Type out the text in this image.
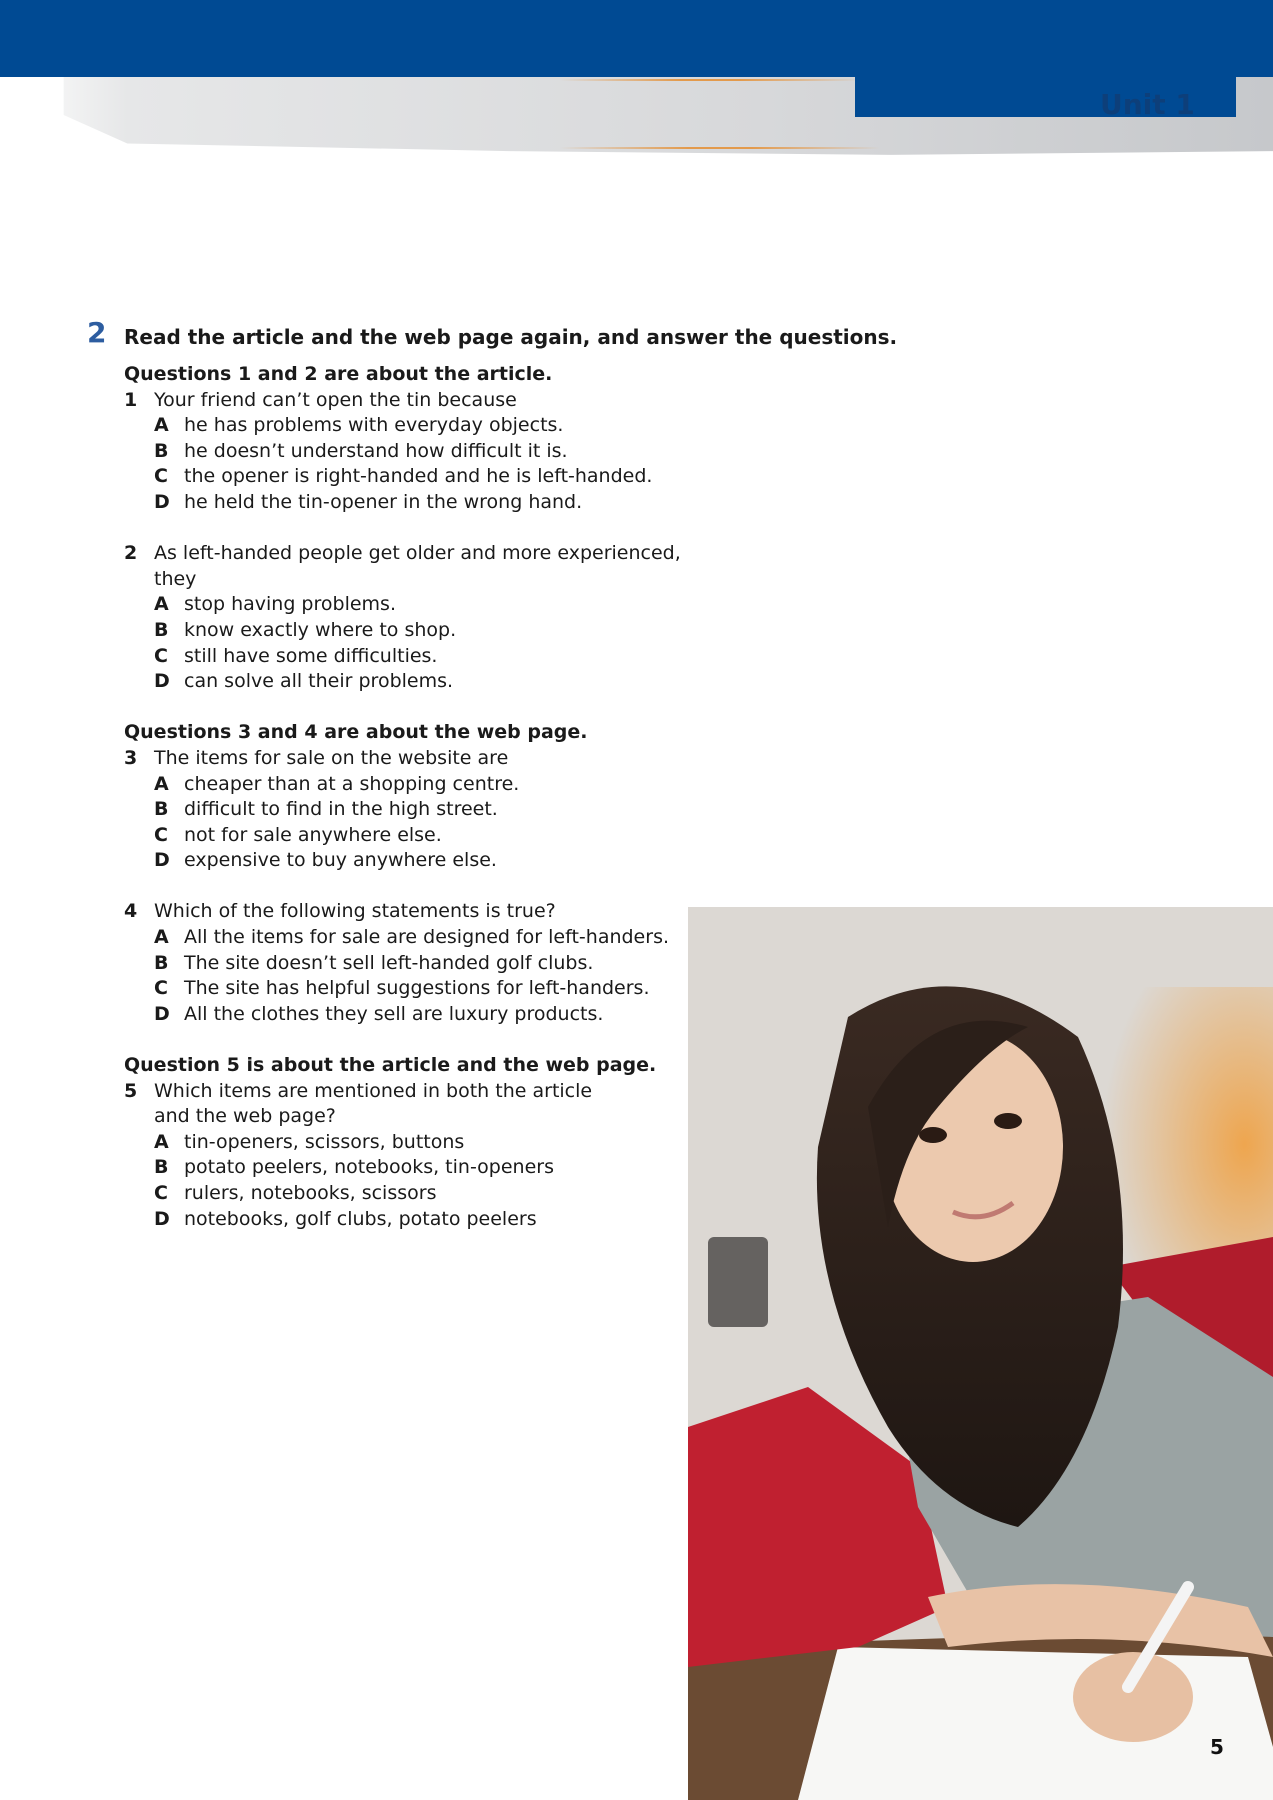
Unit 1
2 Read the article and the web page again, and answer the questions.
Questions 1 and 2 are about the article.
1 Your friend can’t open the tin because
A he has problems with everyday objects.
B he doesn’t understand how difficult it is.
C the opener is right-handed and he is left-handed.
D he held the tin-opener in the wrong hand.
2 As left-handed people get older and more experienced, they
A stop having problems.
B know exactly where to shop.
C still have some difficulties.
D can solve all their problems.
Questions 3 and 4 are about the web page.
3 The items for sale on the website are
A cheaper than at a shopping centre.
B difficult to find in the high street.
C not for sale anywhere else.
D expensive to buy anywhere else.
4 Which of the following statements is true?
A All the items for sale are designed for left-handers.
B The site doesn’t sell left-handed golf clubs.
C The site has helpful suggestions for left-handers.
D All the clothes they sell are luxury products.
Question 5 is about the article and the web page.
5 Which items are mentioned in both the article
and the web page?
A tin-openers, scissors, buttons
B potato peelers, notebooks, tin-openers
C rulers, notebooks, scissors
D notebooks, golf clubs, potato peelers
5
